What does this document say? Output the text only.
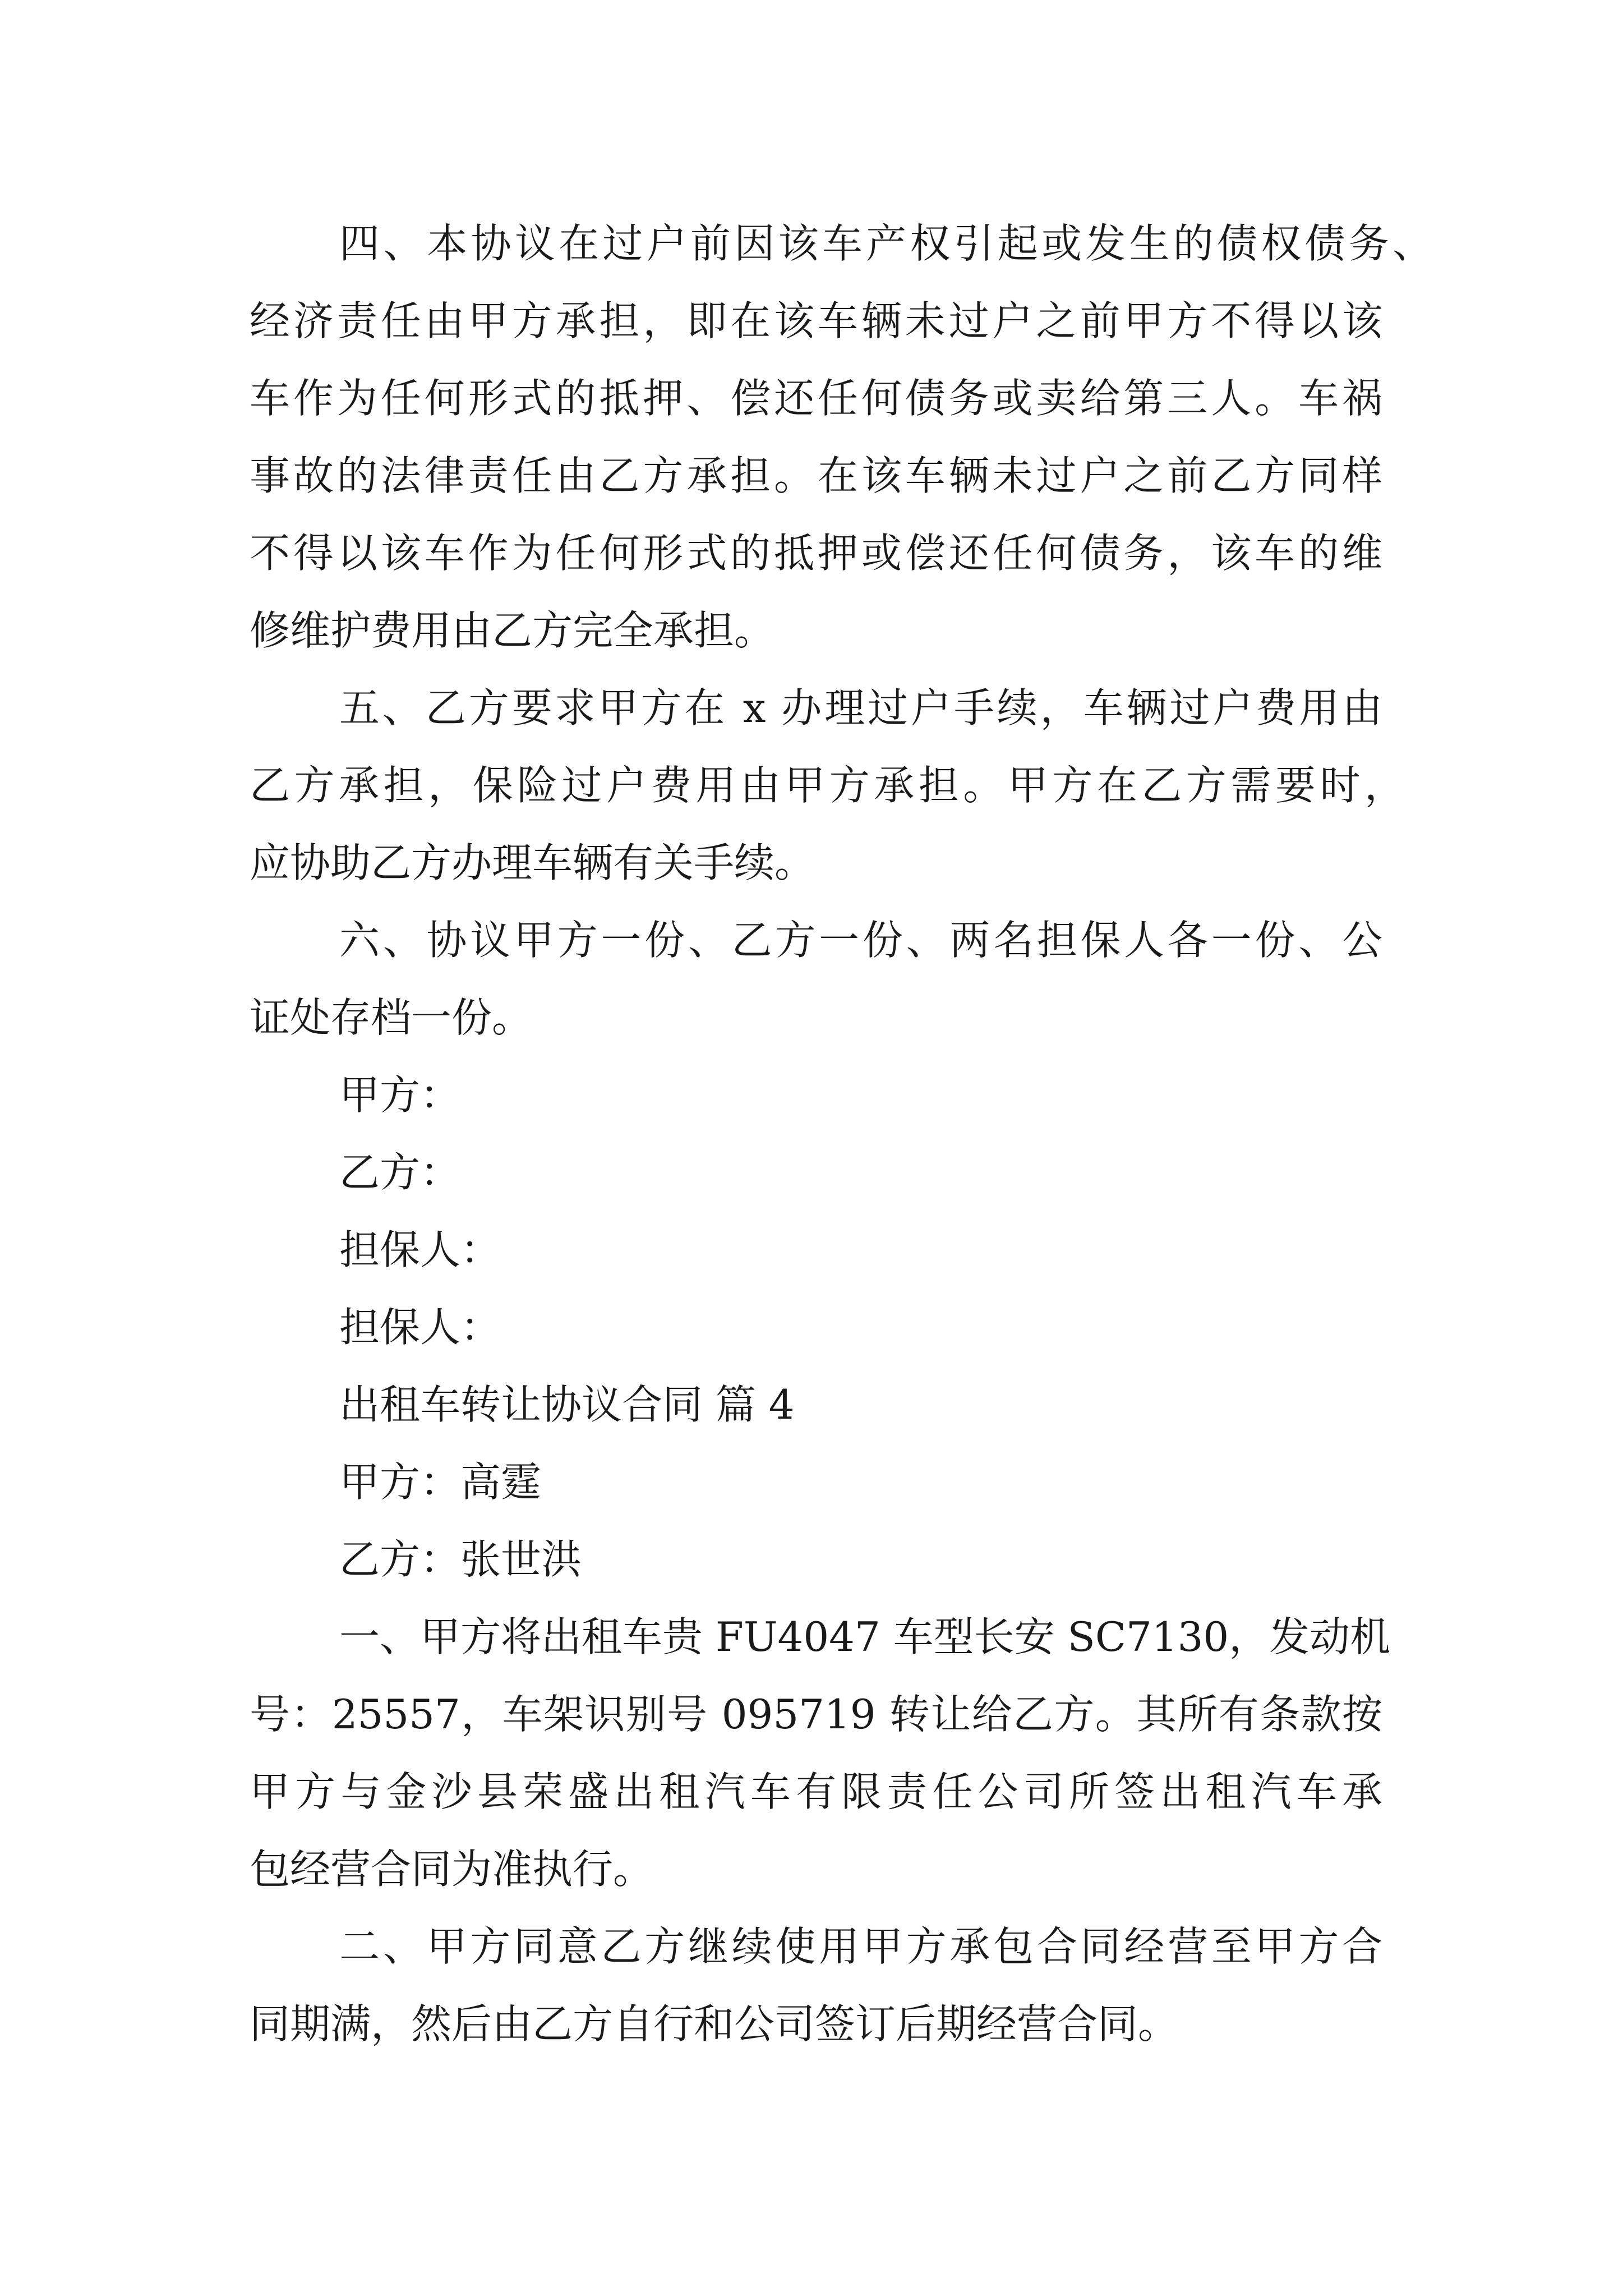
四、本协议在过户前因该车产权引起或发生的债权债务、
经济责任由甲方承担，即在该车辆未过户之前甲方不得以该
车作为任何形式的抵押、偿还任何债务或卖给第三人。车祸
事故的法律责任由乙方承担。在该车辆未过户之前乙方同样
不得以该车作为任何形式的抵押或偿还任何债务，该车的维
修维护费用由乙方完全承担。
五、乙方要求甲方在 x 办理过户手续，车辆过户费用由
乙方承担，保险过户费用由甲方承担。甲方在乙方需要时，
应协助乙方办理车辆有关手续。
六、协议甲方一份、乙方一份、两名担保人各一份、公
证处存档一份。
甲方：
乙方：
担保人：
担保人：
出租车转让协议合同 篇 4
甲方：高霆
乙方：张世洪
一、甲方将出租车贵 FU4047 车型长安 SC7130，发动机
号：25557，车架识别号 095719 转让给乙方。其所有条款按
甲方与金沙县荣盛出租汽车有限责任公司所签出租汽车承
包经营合同为准执行。
二、甲方同意乙方继续使用甲方承包合同经营至甲方合
同期满，然后由乙方自行和公司签订后期经营合同。
